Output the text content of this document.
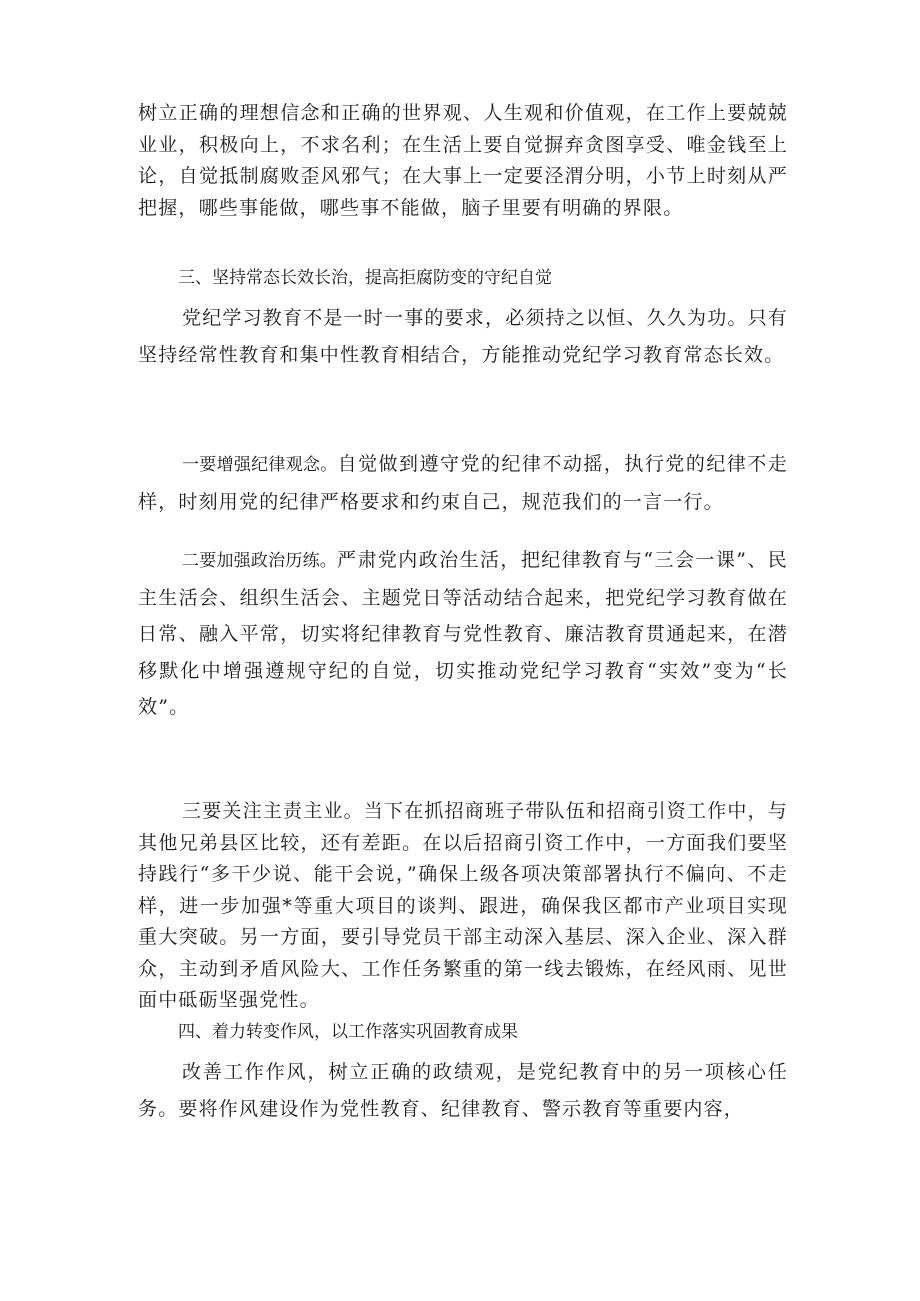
树立正确的理想信念和正确的世界观、人生观和价值观，在工作上要兢兢业业，积极向上，不求名利；在生活上要自觉摒弃贪图享受、唯金钱至上论，自觉抵制腐败歪风邪气；在大事上一定要泾渭分明，小节上时刻从严把握，哪些事能做，哪些事不能做，脑子里要有明确的界限。

三、坚持常态长效长治，提高拒腐防变的守纪自觉

党纪学习教育不是一时一事的要求，必须持之以恒、久久为功。只有坚持经常性教育和集中性教育相结合，方能推动党纪学习教育常态长效。

一要增强纪律观念。自觉做到遵守党的纪律不动摇，执行党的纪律不走样，时刻用党的纪律严格要求和约束自己，规范我们的一言一行。

二要加强政治历练。严肃党内政治生活，把纪律教育与“三会一课”、民主生活会、组织生活会、主题党日等活动结合起来，把党纪学习教育做在日常、融入平常，切实将纪律教育与党性教育、廉洁教育贯通起来，在潜移默化中增强遵规守纪的自觉，切实推动党纪学习教育“实效”变为“长效”。

三要关注主责主业。当下在抓招商班子带队伍和招商引资工作中，与其他兄弟县区比较，还有差距。在以后招商引资工作中，一方面我们要坚持践行“多干少说、能干会说，”确保上级各项决策部署执行不偏向、不走样，进一步加强*等重大项目的谈判、跟进，确保我区都市产业项目实现重大突破。另一方面，要引导党员干部主动深入基层、深入企业、深入群众，主动到矛盾风险大、工作任务繁重的第一线去锻炼，在经风雨、见世面中砥砺坚强党性。

四、着力转变作风，以工作落实巩固教育成果

改善工作作风，树立正确的政绩观，是党纪教育中的另一项核心任务。要将作风建设作为党性教育、纪律教育、警示教育等重要内容，
